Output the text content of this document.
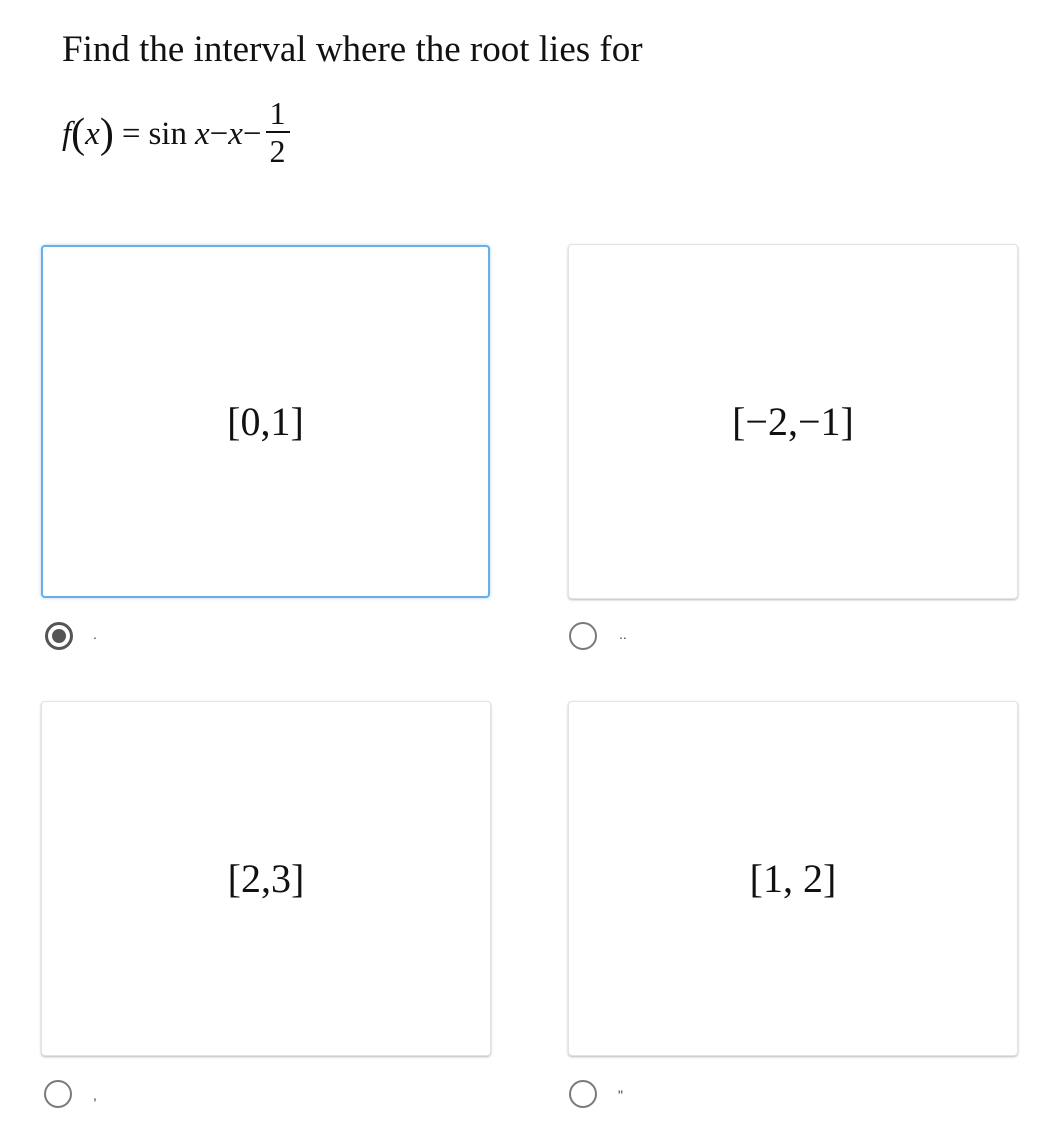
Find the interval where the root lies for
f ( x ) = $\sin x - x - \frac{1}{2}$
[0,1]
.
[−2,−1]
..
[2,3]
,
[1, 2]
"
